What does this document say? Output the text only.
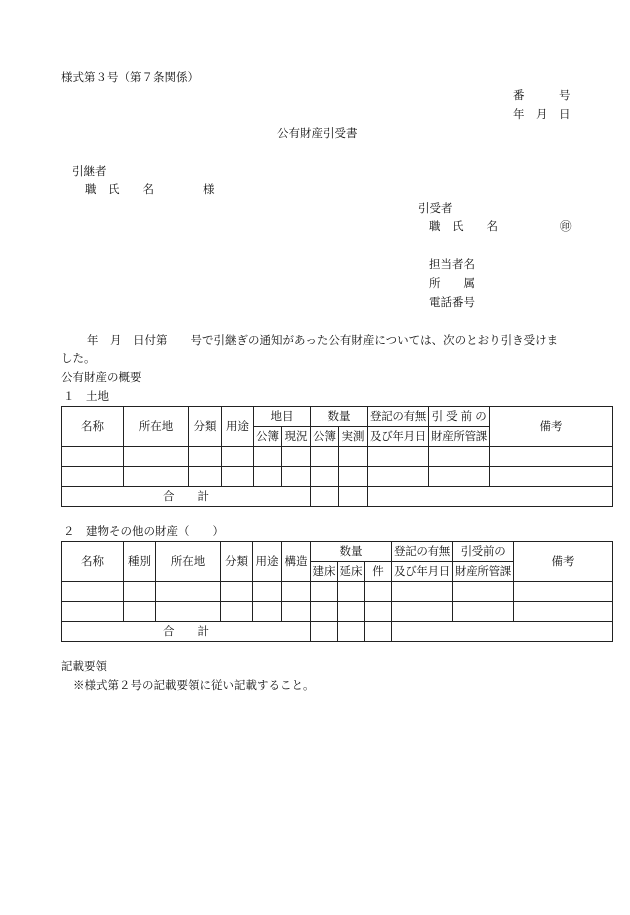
様式第３号（第７条関係）
番　　　号
年　月　日
公有財産引受書
引継者
職　氏　　名	様
引受者
職　氏　　名	㊞
担当者名
所　　属
電話番号
年　月　日付第　　号で引継ぎの通知があった公有財産については、次のとおり引き受けま
した。
公有財産の概要
１　土地
名称	所在地	分類	用途	地目		数量		登記の有無	引 受 前 の	備考
				公簿	現況	公簿	実測	及び年月日	財産所管課	

合　　計										
２　建物その他の財産（　　）
名称	種別	所在地	分類	用途	構造	数量			登記の有無	引受前の	備考
						建床	延床	件	及び年月日	財産所管課	

合　　計											
記載要領
※様式第２号の記載要領に従い記載すること。
